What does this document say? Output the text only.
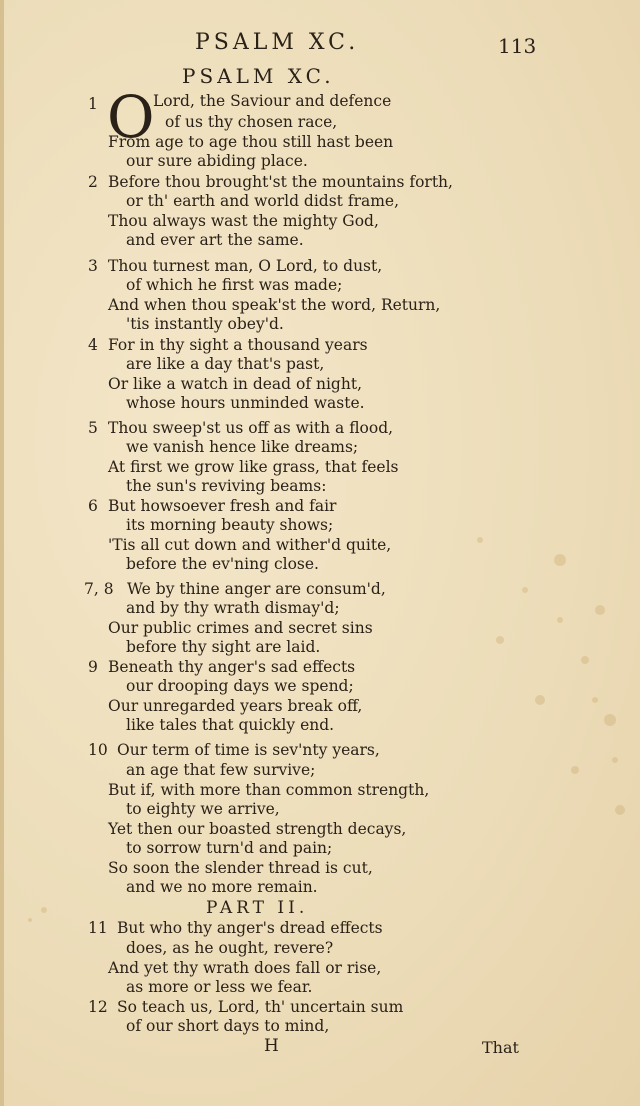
PSALM XC.	113
PSALM XC.
1 O
Lord, the Saviour and defence
of us thy chosen race,
From age to age thou still hast been
our sure abiding place.
2 Before thou brought'st the mountains forth,
or th' earth and world didst frame,
Thou always wast the mighty God,
and ever art the same.
3 Thou turnest man, O Lord, to dust,
of which he first was made;
And when thou speak'st the word, Return,
'tis instantly obey'd.
4 For in thy sight a thousand years
are like a day that's past,
Or like a watch in dead of night,
whose hours unminded waste.
5 Thou sweep'st us off as with a flood,
we vanish hence like dreams;
At first we grow like grass, that feels
the sun's reviving beams:
6 But howsoever fresh and fair
its morning beauty shows;
'Tis all cut down and wither'd quite,
before the ev'ning close.
7, 8 We by thine anger are consum'd,
and by thy wrath dismay'd;
Our public crimes and secret sins
before thy sight are laid.
9 Beneath thy anger's sad effects
our drooping days we spend;
Our unregarded years break off,
like tales that quickly end.
10 Our term of time is sev'nty years,
an age that few survive;
But if, with more than common strength,
to eighty we arrive,
Yet then our boasted strength decays,
to sorrow turn'd and pain;
So soon the slender thread is cut,
and we no more remain.
PART II.
11 But who thy anger's dread effects
does, as he ought, revere?
And yet thy wrath does fall or rise,
as more or less we fear.
12 So teach us, Lord, th' uncertain sum
of our short days to mind,
H	That
